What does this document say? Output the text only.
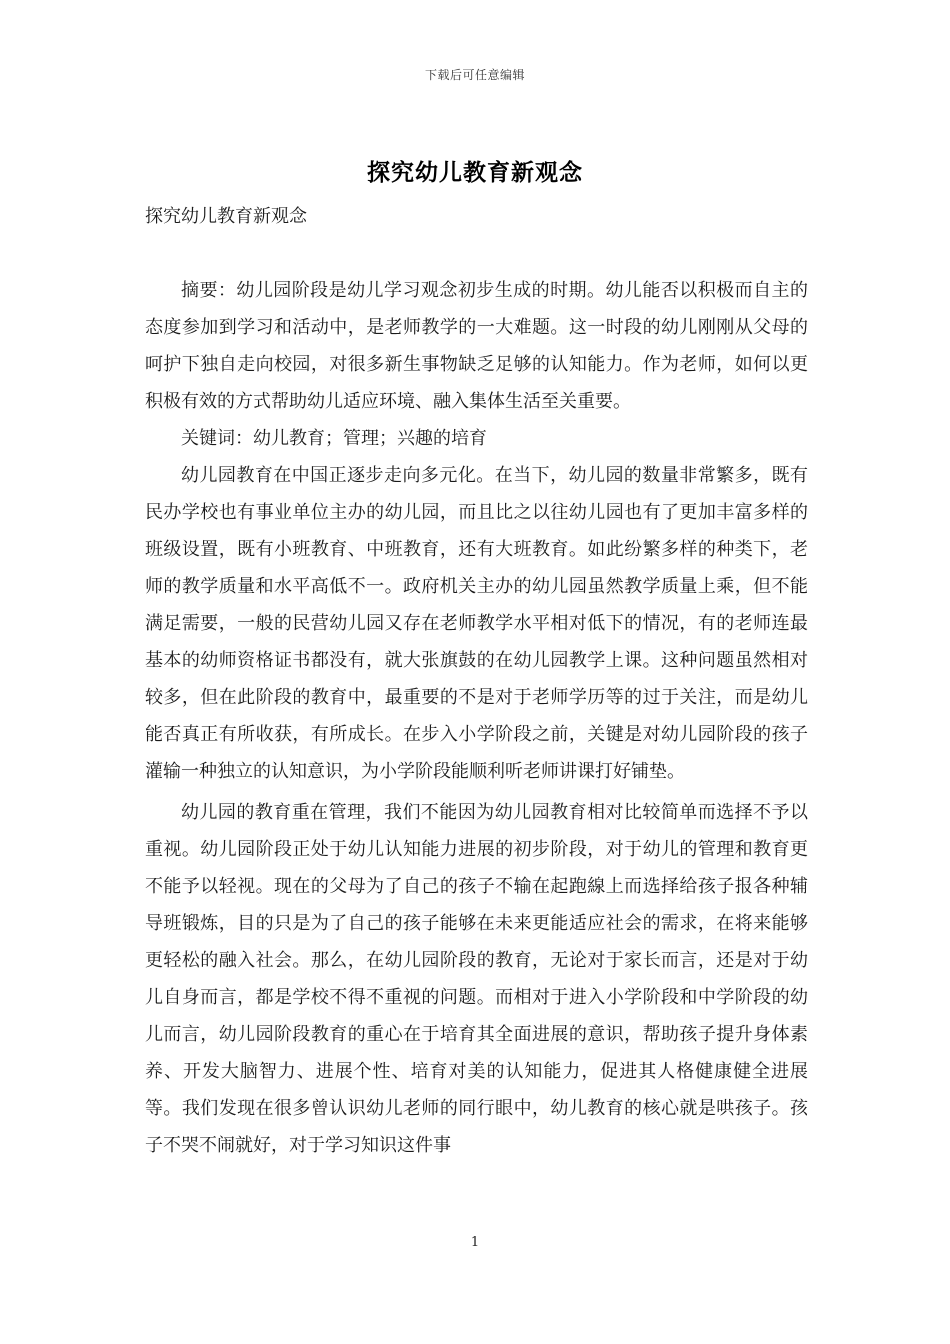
下载后可任意编辑
探究幼儿教育新观念

探究幼儿教育新观念

摘要：幼儿园阶段是幼儿学习观念初步生成的时期。幼儿能否以积极而自主的态度参加到学习和活动中，是老师教学的一大难题。这一时段的幼儿刚刚从父母的呵护下独自走向校园，对很多新生事物缺乏足够的认知能力。作为老师，如何以更积极有效的方式帮助幼儿适应环境、融入集体生活至关重要。

关键词：幼儿教育；管理；兴趣的培育

幼儿园教育在中国正逐步走向多元化。在当下，幼儿园的数量非常繁多，既有民办学校也有事业单位主办的幼儿园，而且比之以往幼儿园也有了更加丰富多样的班级设置，既有小班教育、中班教育，还有大班教育。如此纷繁多样的种类下，老师的教学质量和水平高低不一。政府机关主办的幼儿园虽然教学质量上乘，但不能满足需要，一般的民营幼儿园又存在老师教学水平相对低下的情况，有的老师连最基本的幼师资格证书都没有，就大张旗鼓的在幼儿园教学上课。这种问题虽然相对较多，但在此阶段的教育中，最重要的不是对于老师学历等的过于关注，而是幼儿能否真正有所收获，有所成长。在步入小学阶段之前，关键是对幼儿园阶段的孩子灌输一种独立的认知意识，为小学阶段能顺利听老师讲课打好铺垫。

幼儿园的教育重在管理，我们不能因为幼儿园教育相对比较简单而选择不予以重视。幼儿园阶段正处于幼儿认知能力进展的初步阶段，对于幼儿的管理和教育更不能予以轻视。现在的父母为了自己的孩子不输在起跑線上而选择给孩子报各种辅导班锻炼，目的只是为了自己的孩子能够在未来更能适应社会的需求，在将来能够更轻松的融入社会。那么，在幼儿园阶段的教育，无论对于家长而言，还是对于幼儿自身而言，都是学校不得不重视的问题。而相对于进入小学阶段和中学阶段的幼儿而言，幼儿园阶段教育的重心在于培育其全面进展的意识，帮助孩子提升身体素养、开发大脑智力、进展个性、培育对美的认知能力，促进其人格健康健全进展等。我们发现在很多曾认识幼儿老师的同行眼中，幼儿教育的核心就是哄孩子。孩子不哭不闹就好，对于学习知识这件事

1
